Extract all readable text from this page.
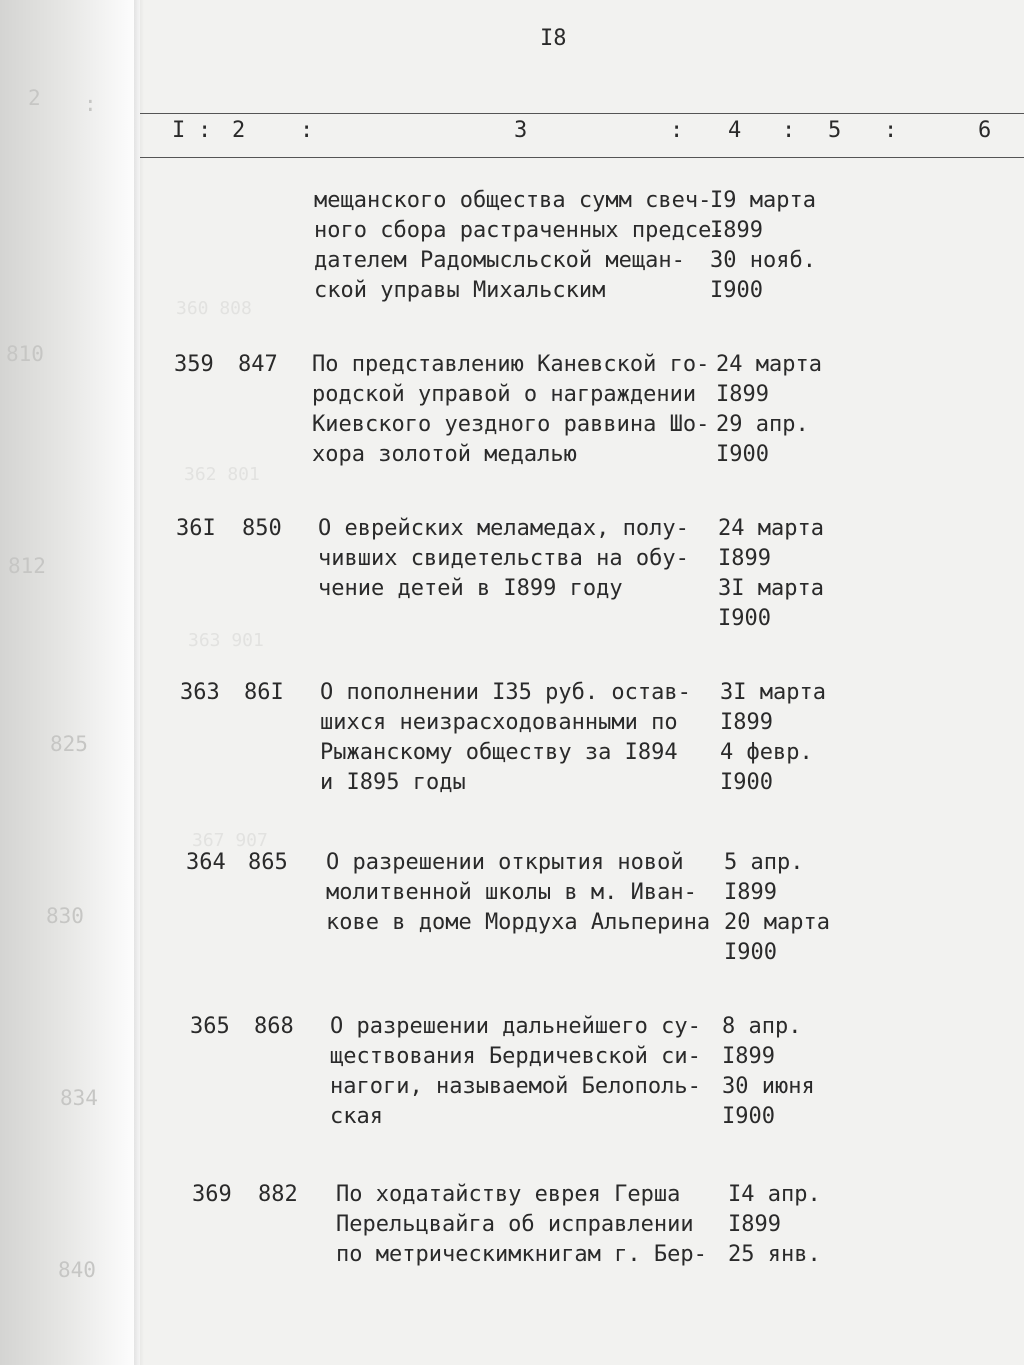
2 :
810
812
825
830
834
840
360 808
362 801
363 901
367 907
I8
I : 2 :	3	: 4 : 5 :	6
мещанского общества сумм свеч-
ного сбора растраченных предсе-
дателем Радомысльской мещан-
ской управы Михальским
I9 марта
I899
30 нояб.
I900
359 847 По представлению Каневской го-
родской управой о награждении
Киевского уездного раввина Шо-
хора золотой медалью
24 марта
I899
29 апр.
I900
36I 850 О еврейских меламедах, полу-
чивших свидетельства на обу-
чение детей в I899 году
24 марта
I899
3I марта
I900
363 86I О пополнении I35 руб. остав-
шихся неизрасходованными по
Рыжанскому обществу за I894
и I895 годы
3I марта
I899
4 февр.
I900
364 865 О разрешении открытия новой
молитвенной школы в м. Иван-
кове в доме Мордуха Альперина
5 апр.
I899
20 марта
I900
365 868 О разрешении дальнейшего су-
ществования Бердичевской си-
нагоги, называемой Белополь-
ская
8 апр.
I899
30 июня
I900
369 882 По ходатайству еврея Герша
Перельцвайга об исправлении
по метрическимкнигам г. Бер-
I4 апр.
I899
25 янв.
